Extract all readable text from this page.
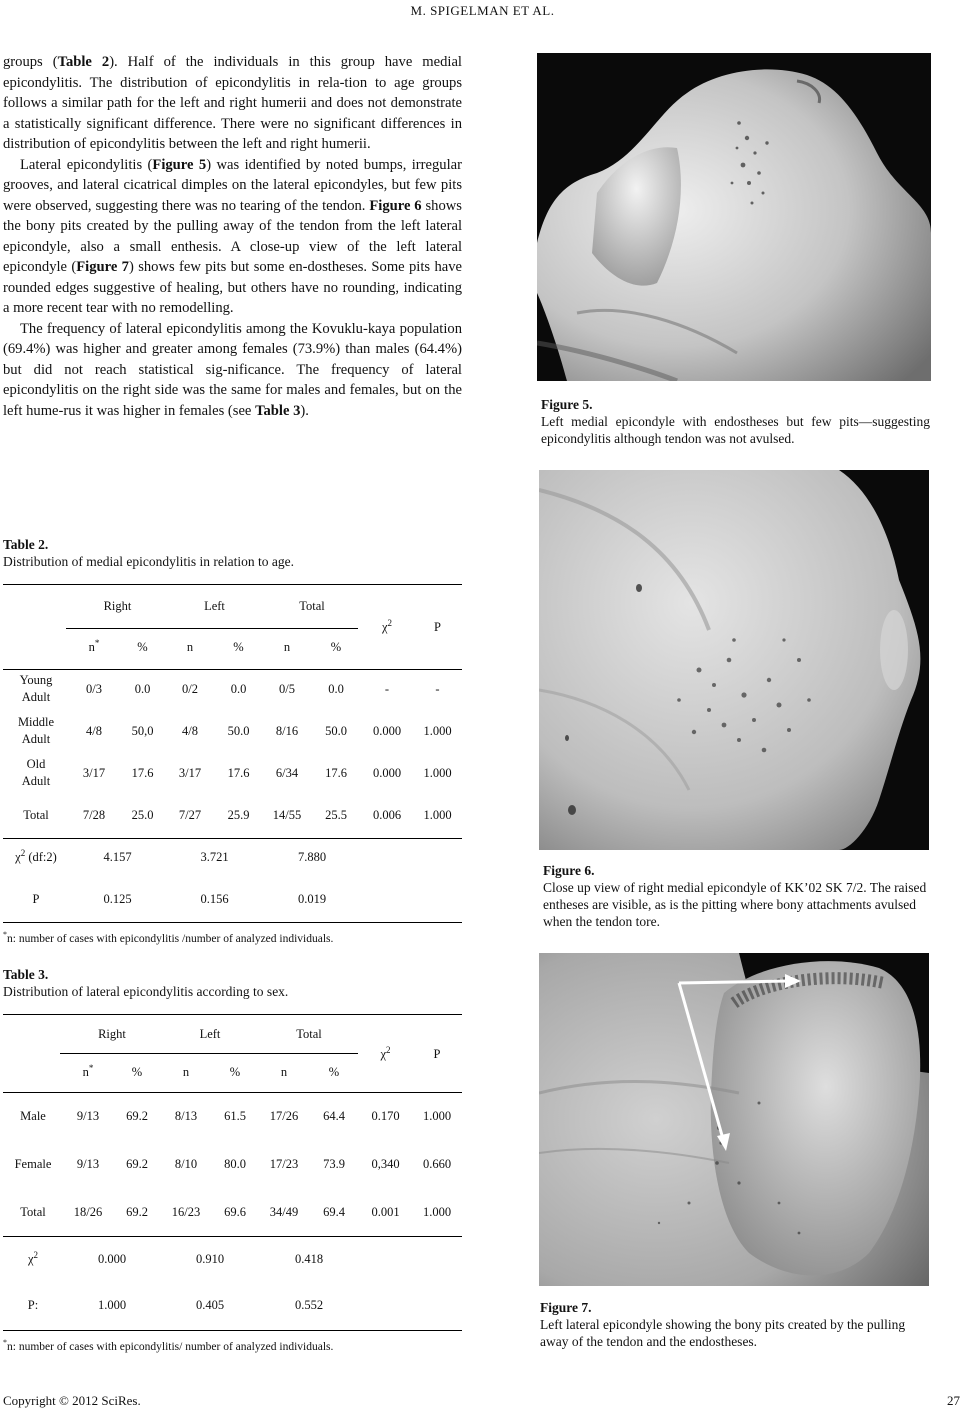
M. SPIGELMAN ET AL.

groups (Table 2). Half of the individuals in this group have medial epicondylitis. The distribution of epicondylitis in rela-tion to age groups follows a similar path for the left and right humerii and does not demonstrate a statistically significant difference. There were no significant differences in distribution of epicondylitis between the left and right humerii.

Lateral epicondylitis (Figure 5) was identified by noted bumps, irregular grooves, and lateral cicatrical dimples on the lateral epicondyles, but few pits were observed, suggesting there was no tearing of the tendon. Figure 6 shows the bony pits created by the pulling away of the tendon from the left lateral epicondyle, also a small enthesis. A close-up view of the left lateral epicondyle (Figure 7) shows few pits but some en-dostheses. Some pits have rounded edges suggestive of healing, but others have no rounding, indicating a more recent tear with no remodelling.

The frequency of lateral epicondylitis among the Kovuklu-kaya population (69.4%) was higher and greater among females (73.9%) than males (64.4%) but did not reach statistical sig-nificance. The frequency of lateral epicondylitis on the right side was the same for males and females, but on the left hume-rus it was higher in females (see Table 3).

Table 2.
Distribution of medial epicondylitis in relation to age.
	Right		Left		Total		$\chi^2$	P
	n*	%	n	%	n	%		
Young
Adult	0/3	0.0	0/2	0.0	0/5	0.0	-	-
Middle
Adult	4/8	50,0	4/8	50.0	8/16	50.0	0.000	1.000
Old
Adult	3/17	17.6	3/17	17.6	6/34	17.6	0.000	1.000
Total	7/28	25.0	7/27	25.9	14/55	25.5	0.006	1.000
$\chi^2$ (df:2)	4.157		3.721		7.880			
P	0.125		0.156		0.019			
*n: number of cases with epicondylitis /number of analyzed individuals.
Table 3.
Distribution of lateral epicondylitis according to sex.
	Right		Left		Total		$\chi^2$	P
	n*	%	n	%	n	%		
Male	9/13	69.2	8/13	61.5	17/26	64.4	0.170	1.000
Female	9/13	69.2	8/10	80.0	17/23	73.9	0,340	0.660
Total	18/26	69.2	16/23	69.6	34/49	69.4	0.001	1.000
$\chi^2$	0.000		0.910		0.418			
P:	1.000		0.405		0.552			
*n: number of cases with epicondylitis/ number of analyzed individuals.
Figure 5.
Left medial epicondyle with endostheses but few pits—suggesting epicondylitis although tendon was not avulsed.
Figure 6.
Close up view of right medial epicondyle of KK’02 SK 7/2. The raised entheses are visible, as is the pitting where bony attachments avulsed when the tendon tore.
Figure 7.
Left lateral epicondyle showing the bony pits created by the pulling away of the tendon and the endostheses.
Copyright © 2012 SciRes.	27
